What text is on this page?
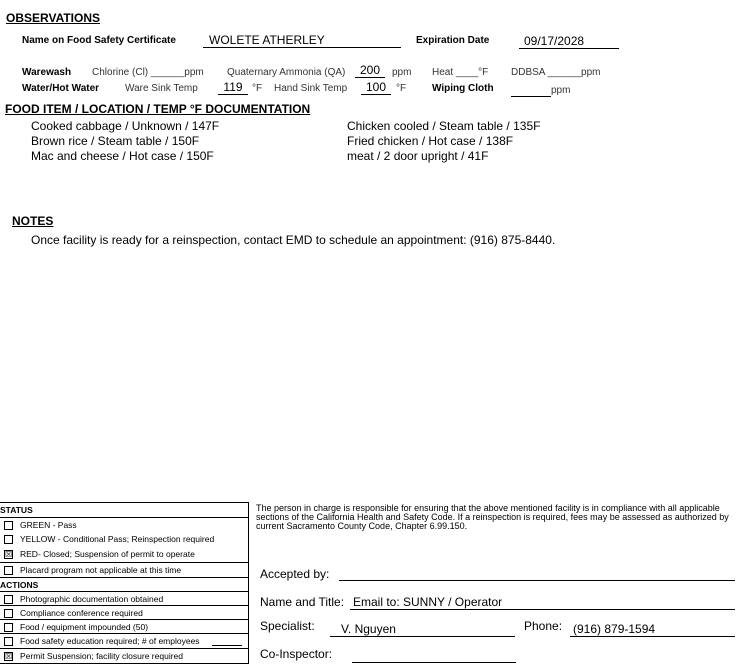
OBSERVATIONS
Name on Food Safety Certificate	WOLETE ATHERLEY	Expiration Date	09/17/2028
Warewash Chlorine (Cl) ______ppm Quaternary Ammonia (QA)	200	ppm Heat ____°F DDBSA ______ppm
Water/Hot Water	Ware Sink Temp	119 °F Hand Sink Temp	100 °F	Wiping Cloth	ppm
FOOD ITEM / LOCATION / TEMP °F DOCUMENTATION
Cooked cabbage / Unknown / 147F
Brown rice / Steam table / 150F
Mac and cheese / Hot case / 150F
Chicken cooled / Steam table / 135F
Fried chicken / Hot case / 138F
meat / 2 door upright / 41F
NOTES
Once facility is ready for a reinspection, contact EMD to schedule an appointment: (916) 875-8440.
STATUS
GREEN - Pass
YELLOW - Conditional Pass; Reinspection required
☒ RED- Closed; Suspension of permit to operate
Placard program not applicable at this time
ACTIONS
Photographic documentation obtained
Compliance conference required
Food / equipment impounded (50)
Food safety education required; # of employees
☒ Permit Suspension; facility closure required
The person in charge is responsible for ensuring that the above mentioned facility is in compliance with all applicable sections of the California Health and Safety Code. If a reinspection is required, fees may be assessed as authorized by current Sacramento County Code, Chapter 6.99.150.
Accepted by:
Name and Title: Email to: SUNNY / Operator
Specialist:	V. Nguyen	Phone: (916) 879-1594
Co-Inspector:
